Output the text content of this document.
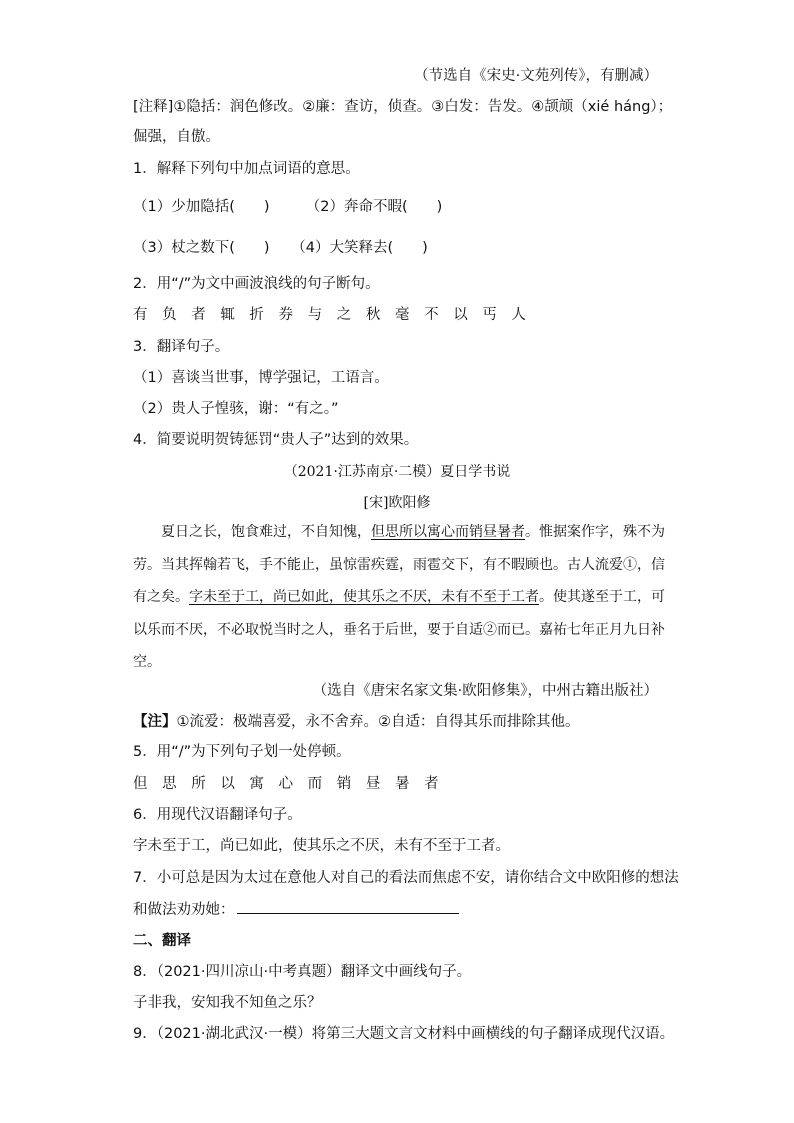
（节选自《宋史·文苑列传》，有删减）
[注释]①隐括：润色修改。②廉：查访，侦查。③白发：告发。④颉颃（xié háng）；
倔强，自傲。
1．解释下列句中加点词语的意思。
（1）少加隐括(　　)　　　（2）奔命不暇(　　)
（3）杖之数下(　　)　　（4）大笑释去(　　)
2．用“/”为文中画波浪线的句子断句。
有 负 者 辄 折 券 与 之 秋 毫 不 以 丐 人
3．翻译句子。
（1）喜谈当世事，博学强记，工语言。
（2）贵人子惶骇，谢：“有之。”
4．简要说明贺铸惩罚“贵人子”达到的效果。
（2021·江苏南京·二模）夏日学书说
[宋]欧阳修
夏日之长，饱食难过，不自知愧，但思所以寓心而销昼暑者。惟据案作字，殊不为
劳。当其挥翰若飞，手不能止，虽惊雷疾霆，雨雹交下，有不暇顾也。古人流爱①，信
有之矣。字未至于工，尚已如此，使其乐之不厌，未有不至于工者。使其遂至于工，可
以乐而不厌，不必取悦当时之人，垂名于后世，要于自适②而已。嘉祐七年正月九日补
空。
（选自《唐宋名家文集·欧阳修集》，中州古籍出版社）
【注】①流爱：极端喜爱，永不舍弃。②自适：自得其乐而排除其他。
5．用“/”为下列句子划一处停顿。
但 思 所 以 寓 心 而 销 昼 暑 者
6．用现代汉语翻译句子。
字未至于工，尚已如此，使其乐之不厌，未有不至于工者。
7．小可总是因为太过在意他人对自己的看法而焦虑不安，请你结合文中欧阳修的想法
和做法劝劝她：
二、翻译
8．（2021·四川凉山·中考真题）翻译文中画线句子。
子非我，安知我不知鱼之乐？
9．（2021·湖北武汉·一模）将第三大题文言文材料中画横线的句子翻译成现代汉语。
